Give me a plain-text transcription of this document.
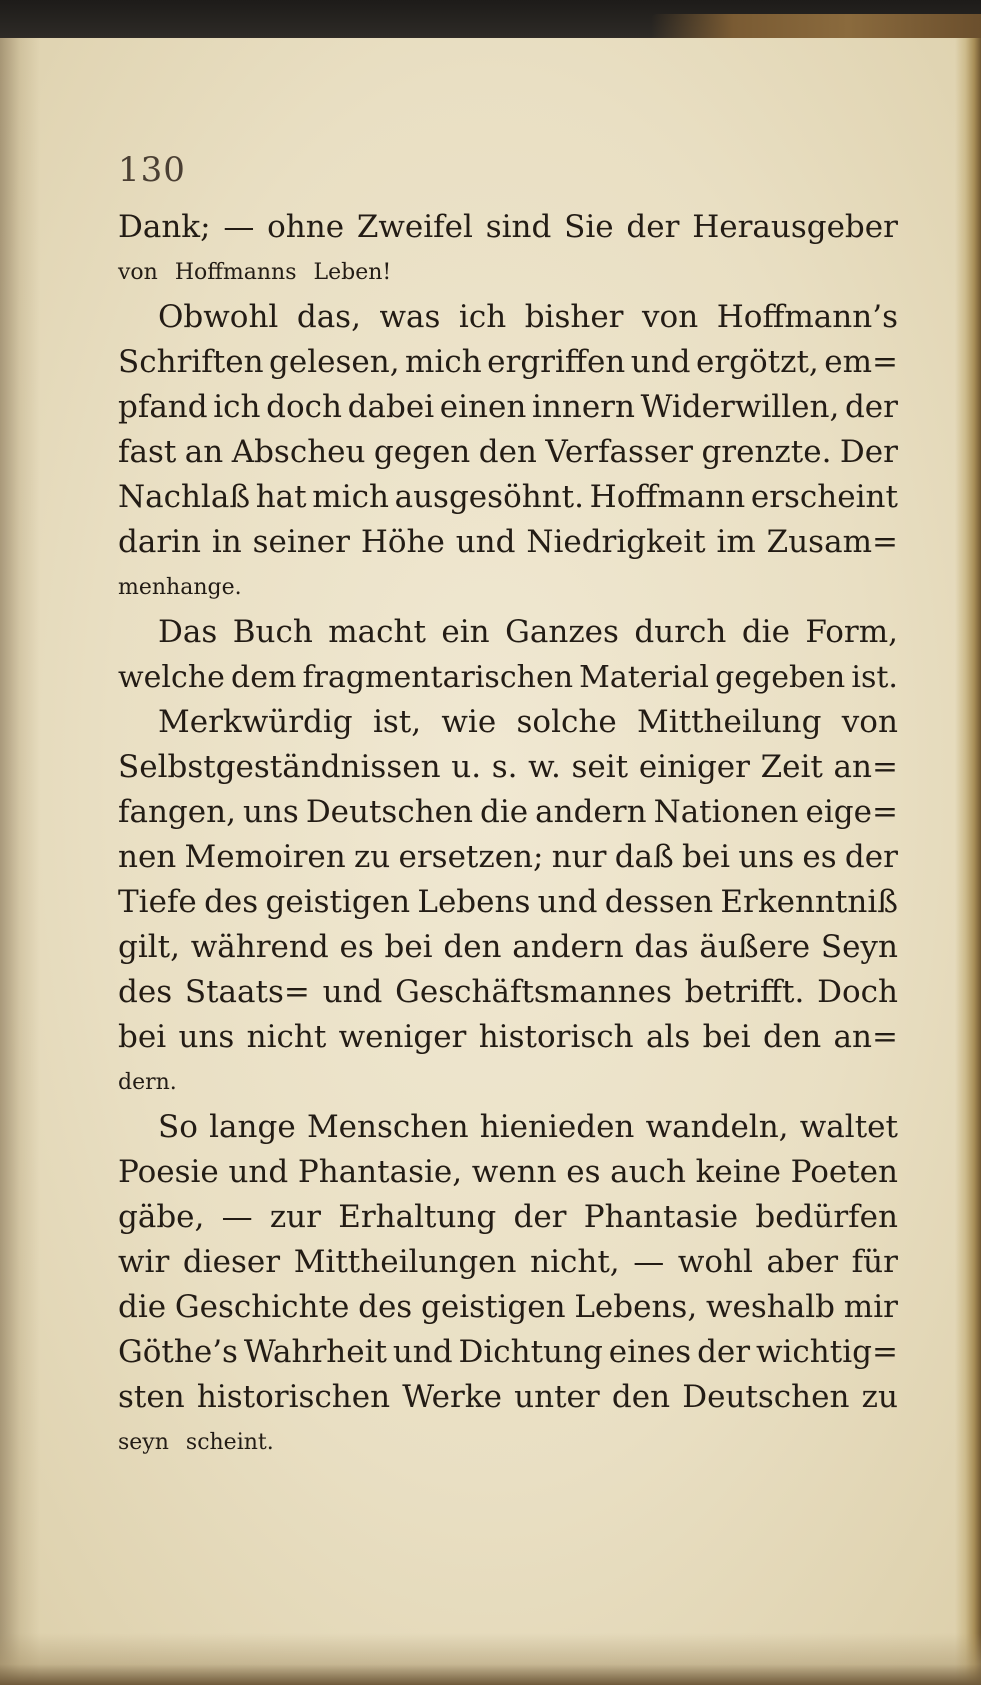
130
Dank; — ohne Zweifel sind Sie der Herausgeber
von Hoffmanns Leben!
Obwohl das, was ich bisher von Hoffmann’s
Schriften gelesen, mich ergriffen und ergötzt, em=
pfand ich doch dabei einen innern Widerwillen, der
fast an Abscheu gegen den Verfasser grenzte. Der
Nachlaß hat mich ausgesöhnt. Hoffmann erscheint
darin in seiner Höhe und Niedrigkeit im Zusam=
menhange.
Das Buch macht ein Ganzes durch die Form,
welche dem fragmentarischen Material gegeben ist.
Merkwürdig ist, wie solche Mittheilung von
Selbstgeständnissen u. s. w. seit einiger Zeit an=
fangen, uns Deutschen die andern Nationen eige=
nen Memoiren zu ersetzen; nur daß bei uns es der
Tiefe des geistigen Lebens und dessen Erkenntniß
gilt, während es bei den andern das äußere Seyn
des Staats= und Geschäftsmannes betrifft. Doch
bei uns nicht weniger historisch als bei den an=
dern.
So lange Menschen hienieden wandeln, waltet
Poesie und Phantasie, wenn es auch keine Poeten
gäbe, — zur Erhaltung der Phantasie bedürfen
wir dieser Mittheilungen nicht, — wohl aber für
die Geschichte des geistigen Lebens, weshalb mir
Göthe’s Wahrheit und Dichtung eines der wichtig=
sten historischen Werke unter den Deutschen zu
seyn scheint.
